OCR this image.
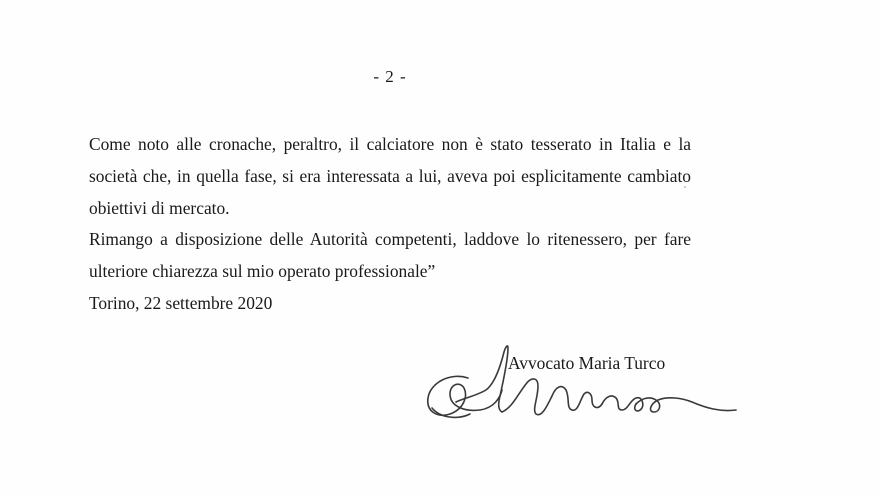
- 2 -

Come noto alle cronache, peraltro, il calciatore non è stato tesserato in Italia e la società che, in quella fase, si era interessata a lui, aveva poi esplicitamente cambiato obiettivi di mercato.

Rimango a disposizione delle Autorità competenti, laddove lo ritenessero, per fare ulteriore chiarezza sul mio operato professionale”

Torino, 22 settembre 2020

Avvocato Maria Turco
